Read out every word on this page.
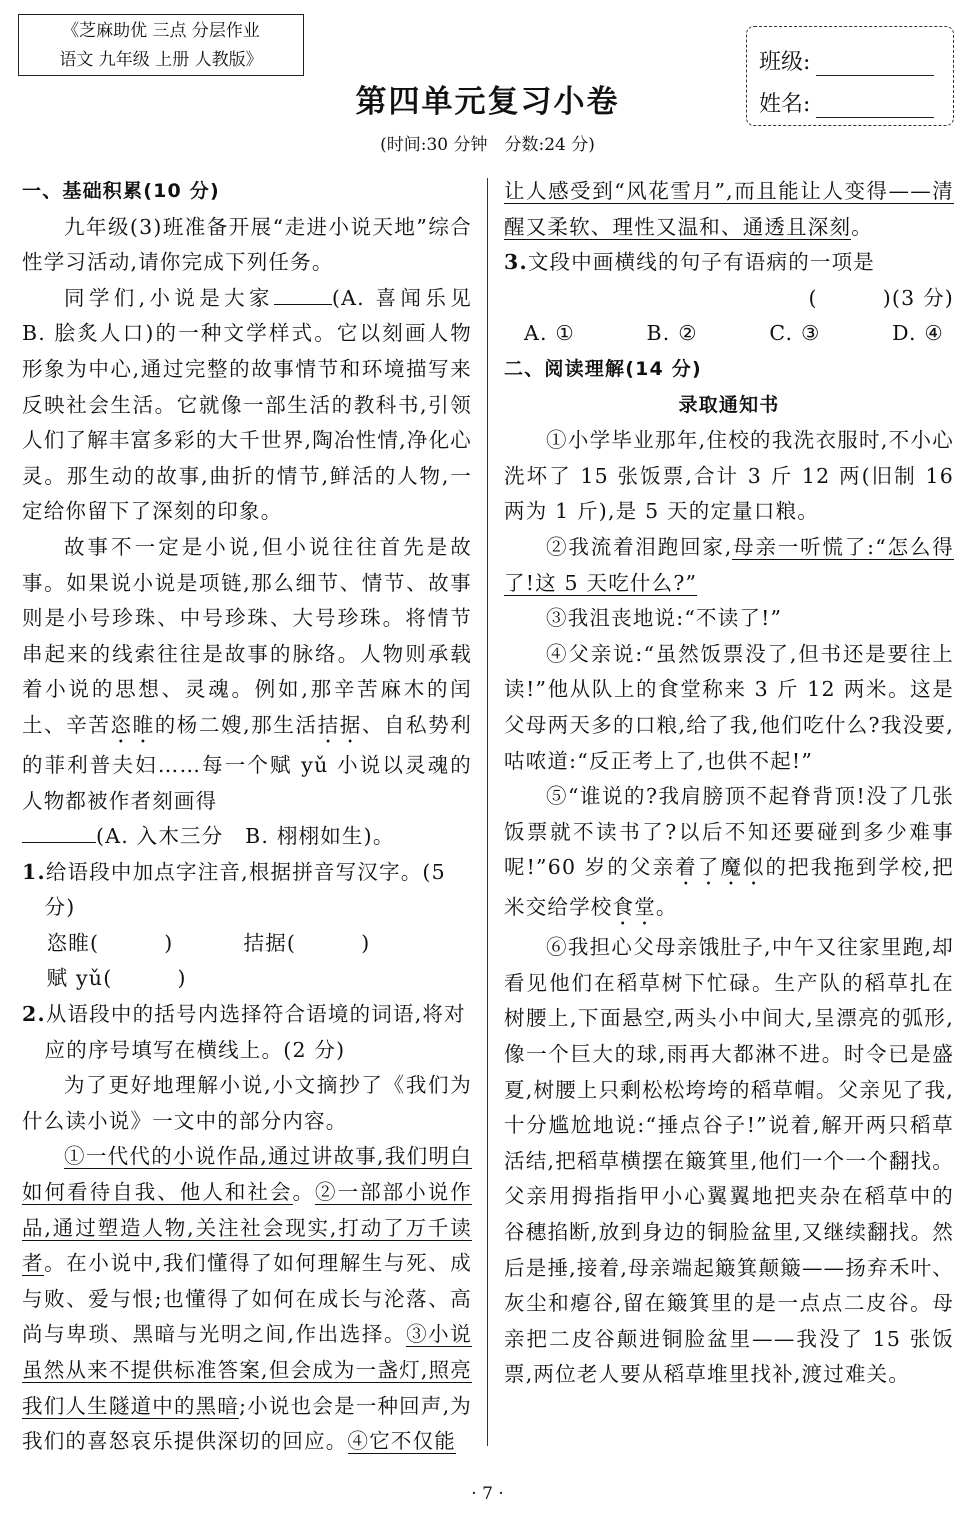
《芝麻助优 三点 分层作业
语文 九年级 上册 人教版》	班级:
姓名:
第四单元复习小卷
(时间:30 分钟　分数:24 分)

一、基础积累(10 分)

九年级(3)班准备开展“走进小说天地”综合性学习活动,请你完成下列任务。

同学们,小说是大家	(A. 喜闻乐见　B. 脍炙人口)的一种文学样式。它以刻画人物形象为中心,通过完整的故事情节和环境描写来反映社会生活。它就像一部生活的教科书,引领人们了解丰富多彩的大千世界,陶冶性情,净化心灵。那生动的故事,曲折的情节,鲜活的人物,一定给你留下了深刻的印象。

故事不一定是小说,但小说往往首先是故事。如果说小说是项链,那么细节、情节、故事则是小号珍珠、中号珍珠、大号珍珠。将情节串起来的线索往往是故事的脉络。人物则承载着小说的思想、灵魂。例如,那辛苦麻木的闰土、辛苦恣睢的杨二嫂,那生活拮据、自私势利的菲利普夫妇……每一个赋 yǔ 小说以灵魂的人物都被作者刻画得
(A. 入木三分　B. 栩栩如生)。

1.给语段中加点字注音,根据拼音写汉字。(5 分)

恣睢(　　　)	拮据(　　　)

赋 yǔ(　　　)

2.从语段中的括号内选择符合语境的词语,将对应的序号填写在横线上。(2 分)

为了更好地理解小说,小文摘抄了《我们为什么读小说》一文中的部分内容。

①一代代的小说作品,通过讲故事,我们明白如何看待自我、他人和社会。②一部部小说作品,通过塑造人物,关注社会现实,打动了万千读者。在小说中,我们懂得了如何理解生与死、成与败、爱与恨;也懂得了如何在成长与沦落、高尚与卑琐、黑暗与光明之间,作出选择。③小说虽然从来不提供标准答案,但会成为一盏灯,照亮我们人生隧道中的黑暗;小说也会是一种回声,为我们的喜怒哀乐提供深切的回应。④它不仅能

让人感受到“风花雪月”,而且能让人变得——清醒又柔软、理性又温和、通透且深刻。

3.文段中画横线的句子有语病的一项是

(　　　)(3 分)

A. ①	B. ②	C. ③	D. ④

二、阅读理解(14 分)

录取通知书

①小学毕业那年,住校的我洗衣服时,不小心洗坏了 15 张饭票,合计 3 斤 12 两(旧制 16 两为 1 斤),是 5 天的定量口粮。

②我流着泪跑回家,母亲一听慌了:“怎么得了!这 5 天吃什么?”

③我沮丧地说:“不读了!”

④父亲说:“虽然饭票没了,但书还是要往上读!”他从队上的食堂称来 3 斤 12 两米。这是父母两天多的口粮,给了我,他们吃什么?我没要,咕哝道:“反正考上了,也供不起!”

⑤“谁说的?我肩膀顶不起脊背顶!没了几张饭票就不读书了?以后不知还要碰到多少难事呢!”60 岁的父亲着了魔似的把我拖到学校,把米交给学校食堂。

⑥我担心父母亲饿肚子,中午又往家里跑,却看见他们在稻草树下忙碌。生产队的稻草扎在树腰上,下面悬空,两头小中间大,呈漂亮的弧形,像一个巨大的球,雨再大都淋不进。时令已是盛夏,树腰上只剩松松垮垮的稻草帽。父亲见了我,十分尴尬地说:“捶点谷子!”说着,解开两只稻草活结,把稻草横摆在簸箕里,他们一个一个翻找。父亲用拇指指甲小心翼翼地把夹杂在稻草中的谷穗掐断,放到身边的铜脸盆里,又继续翻找。然后是捶,接着,母亲端起簸箕颠簸——扬弃禾叶、灰尘和瘪谷,留在簸箕里的是一点点二皮谷。母亲把二皮谷颠进铜脸盆里——我没了 15 张饭票,两位老人要从稻草堆里找补,渡过难关。

· 7 ·
